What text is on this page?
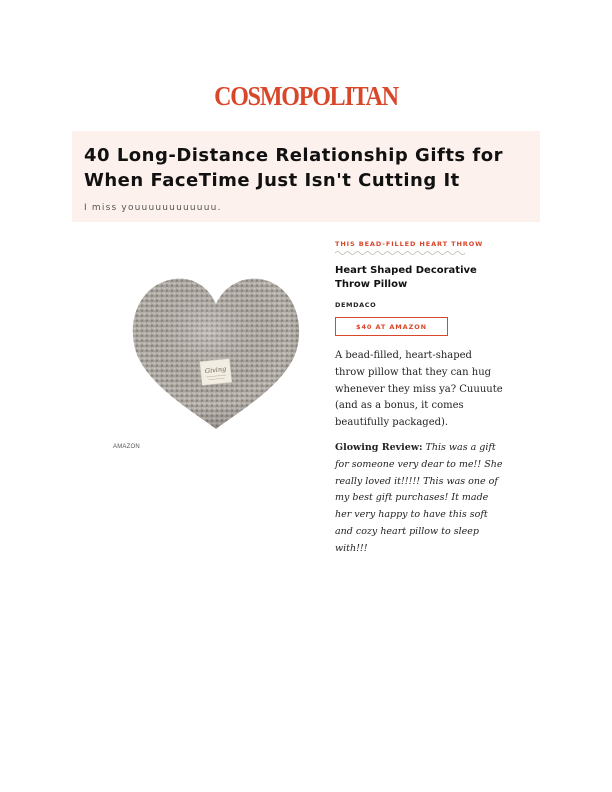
COSMOPOLITAN
40 Long-Distance Relationship Gifts for When FaceTime Just Isn't Cutting It

I miss youuuuuuuuuuuu.

Giving
AMAZON
THIS BEAD-FILLED HEART THROW
Heart Shaped Decorative Throw Pillow
DEMDACO
$40 AT AMAZON

A bead-filled, heart-shaped throw pillow that they can hug whenever they miss ya? Cuuuute (and as a bonus, it comes beautifully packaged).

Glowing Review: This was a gift for someone very dear to me!! She really loved it!!!!! This was one of my best gift purchases! It made her very happy to have this soft and cozy heart pillow to sleep with!!!
